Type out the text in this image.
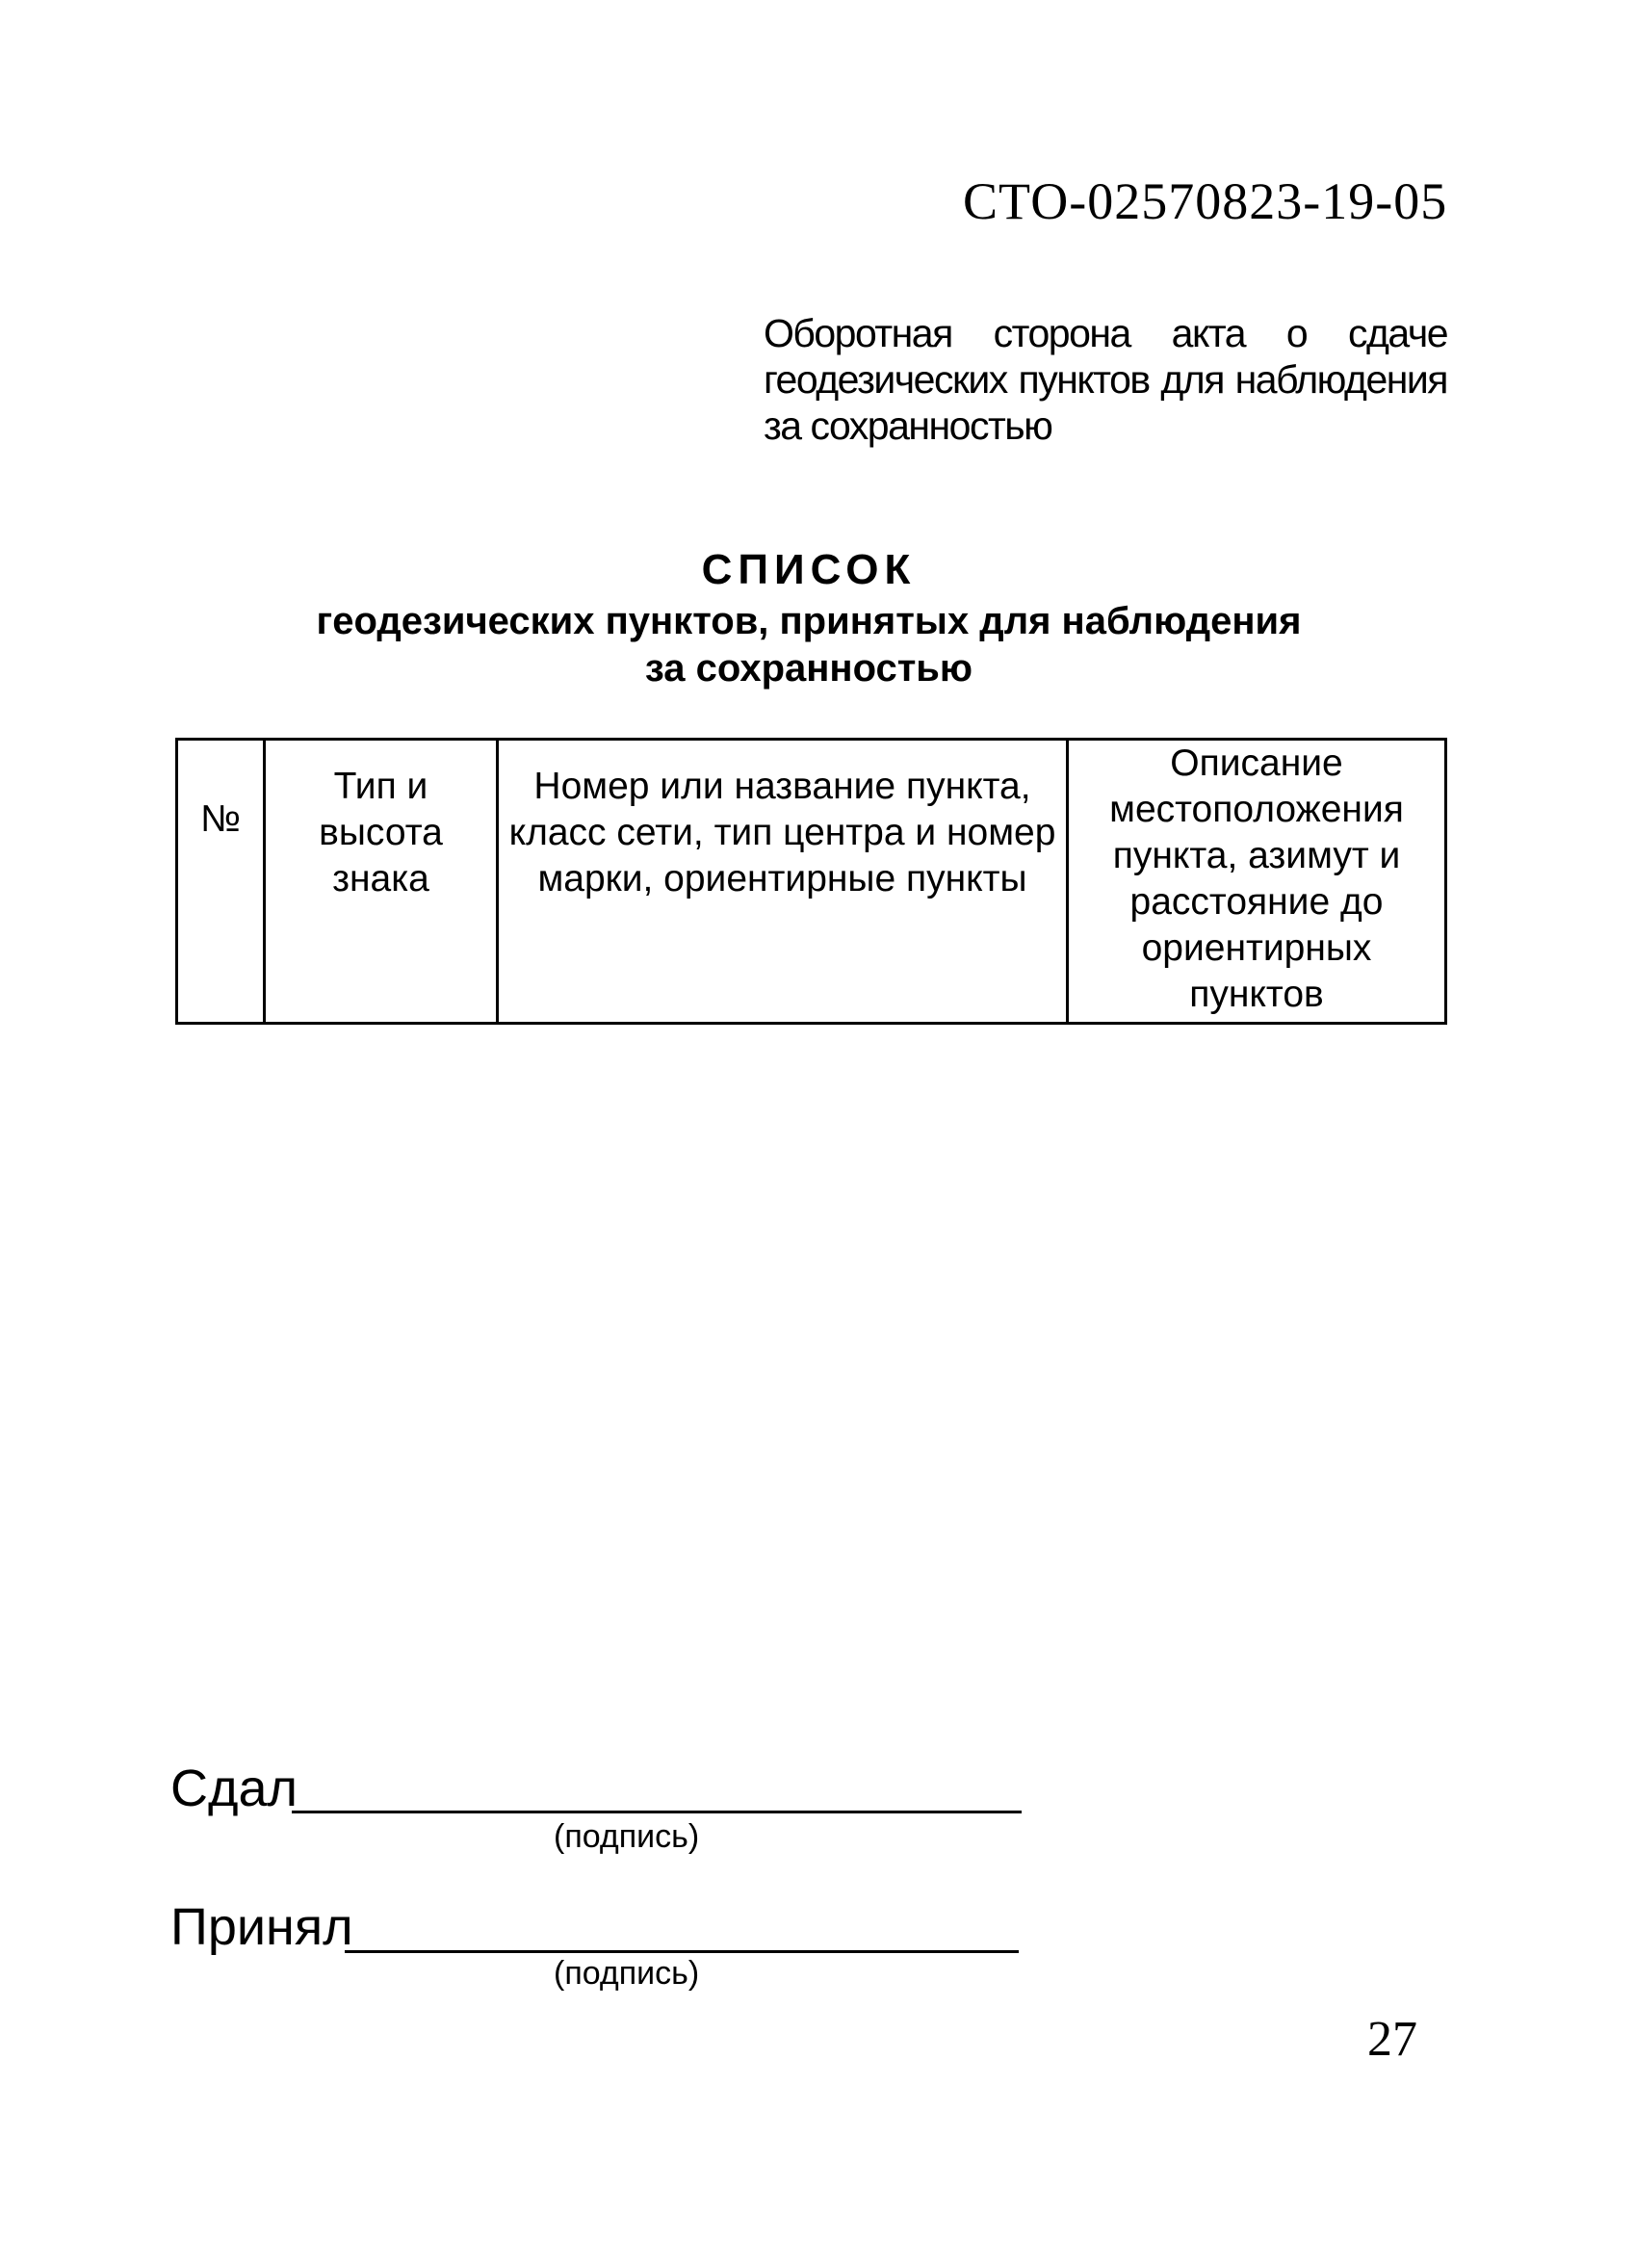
СТО-02570823-19-05
Оборотная сторона акта о сдаче геодезических пунктов для наблюдения за сохранностью
СПИСОК
геодезических пунктов, принятых для наблюдения
за сохранностью
№	Тип и высота знака	Номер или название пункта, класс сети, тип центра и номер марки, ориентирные пункты	Описание местоположения пункта, азимут и расстояние до ориентирных пунктов
Сдал
(подпись)
Принял
(подпись)
27
